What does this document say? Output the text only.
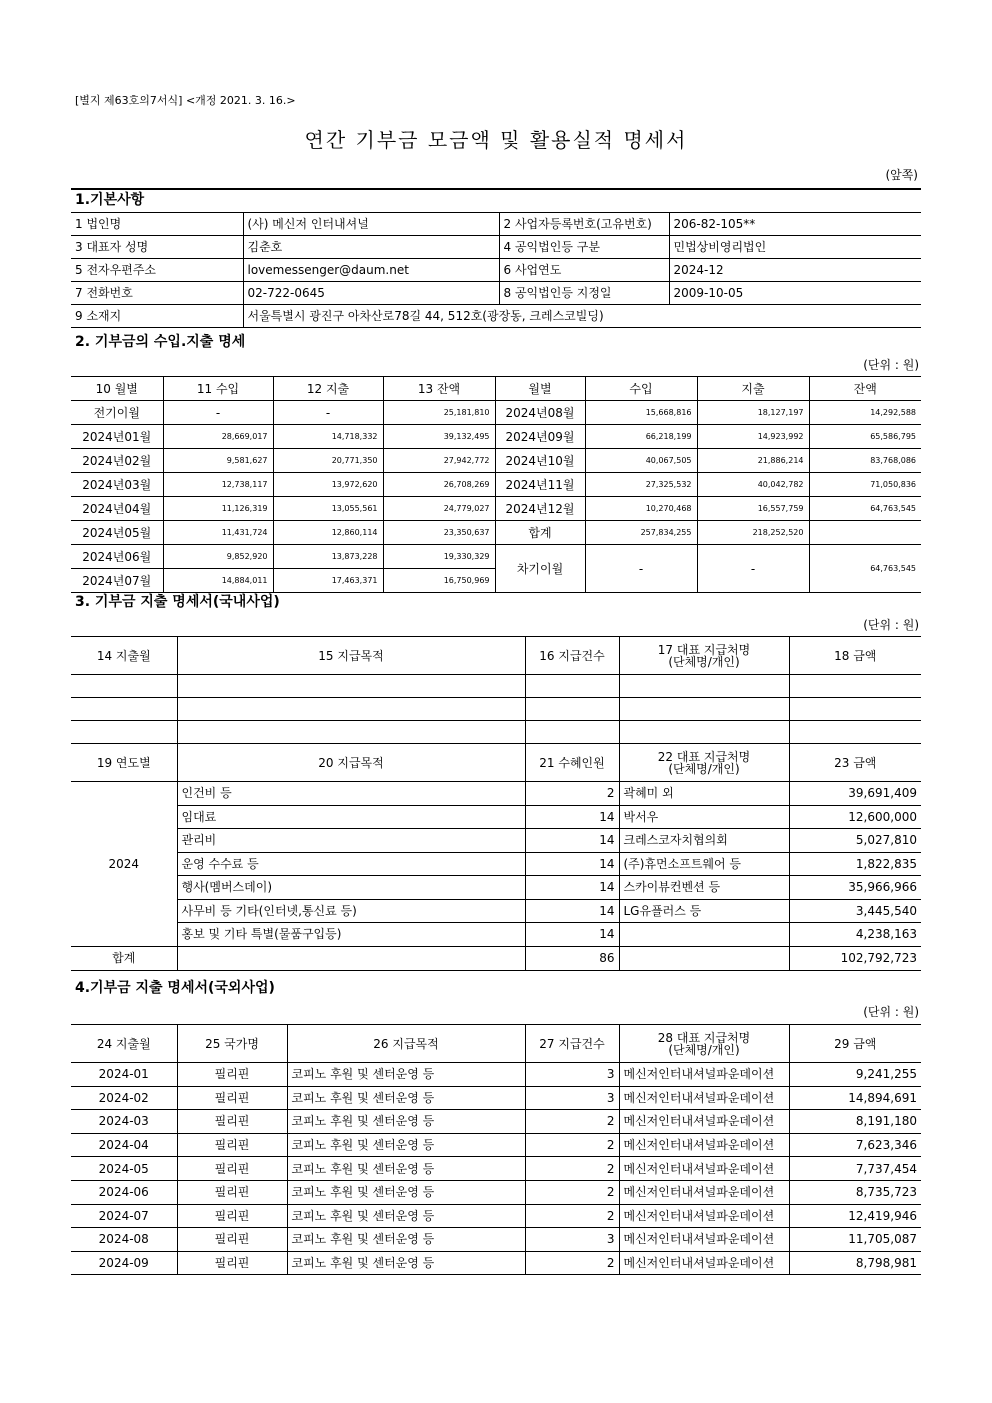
[별지 제63호의7서식] <개정 2021. 3. 16.>
연간 기부금 모금액 및 활용실적 명세서
(앞쪽)
1.기본사항
1 법인명	(사) 메신저 인터내셔널	2 사업자등록번호(고유번호)	206-82-105**
3 대표자 성명	김춘호	4 공익법인등 구분	민법상비영리법인
5 전자우편주소	lovemessenger@daum.net	6 사업연도	2024-12
7 전화번호	02-722-0645	8 공익법인등 지정일	2009-10-05
9 소재지	서울특별시 광진구 아차산로78길 44, 512호(광장동, 크레스코빌딩)		
2. 기부금의 수입.지출 명세
(단위 : 원)
10 월별	11 수입	12 지출	13 잔액	월별	수입	지출	잔액
전기이월	-	-	25,181,810	2024년08월	15,668,816	18,127,197	14,292,588
2024년01월	28,669,017	14,718,332	39,132,495	2024년09월	66,218,199	14,923,992	65,586,795
2024년02월	9,581,627	20,771,350	27,942,772	2024년10월	40,067,505	21,886,214	83,768,086
2024년03월	12,738,117	13,972,620	26,708,269	2024년11월	27,325,532	40,042,782	71,050,836
2024년04월	11,126,319	13,055,561	24,779,027	2024년12월	10,270,468	16,557,759	64,763,545
2024년05월	11,431,724	12,860,114	23,350,637	합계	257,834,255	218,252,520	
2024년06월	9,852,920	13,873,228	19,330,329	차기이월	-	-	64,763,545
2024년07월	14,884,011	17,463,371	16,750,969				
3. 기부금 지출 명세서(국내사업)
(단위 : 원)
14 지출월	15 지급목적	16 지급건수	17 대표 지급처명
(단체명/개인)	18 금액

19 연도별	20 지급목적	21 수혜인원	22 대표 지급처명
(단체명/개인)	23 금액
2024	인건비 등	2	곽혜미 외	39,691,409
	임대료	14	박서우	12,600,000
	관리비	14	크레스코자치협의회	5,027,810
	운영 수수료 등	14	(주)휴먼소프트웨어 등	1,822,835
	행사(멤버스데이)	14	스카이뷰컨벤션 등	35,966,966
	사무비 등 기타(인터넷,통신료 등)	14	LG유플러스 등	3,445,540
	홍보 및 기타 특별(물품구입등)	14		4,238,163
합계		86		102,792,723
4.기부금 지출 명세서(국외사업)
(단위 : 원)
24 지출월	25 국가명	26 지급목적	27 지급건수	28 대표 지급처명
(단체명/개인)	29 금액
2024-01	필리핀	코피노 후원 및 센터운영 등	3	메신저인터내셔널파운데이션	9,241,255
2024-02	필리핀	코피노 후원 및 센터운영 등	3	메신저인터내셔널파운데이션	14,894,691
2024-03	필리핀	코피노 후원 및 센터운영 등	2	메신저인터내셔널파운데이션	8,191,180
2024-04	필리핀	코피노 후원 및 센터운영 등	2	메신저인터내셔널파운데이션	7,623,346
2024-05	필리핀	코피노 후원 및 센터운영 등	2	메신저인터내셔널파운데이션	7,737,454
2024-06	필리핀	코피노 후원 및 센터운영 등	2	메신저인터내셔널파운데이션	8,735,723
2024-07	필리핀	코피노 후원 및 센터운영 등	2	메신저인터내셔널파운데이션	12,419,946
2024-08	필리핀	코피노 후원 및 센터운영 등	3	메신저인터내셔널파운데이션	11,705,087
2024-09	필리핀	코피노 후원 및 센터운영 등	2	메신저인터내셔널파운데이션	8,798,981
